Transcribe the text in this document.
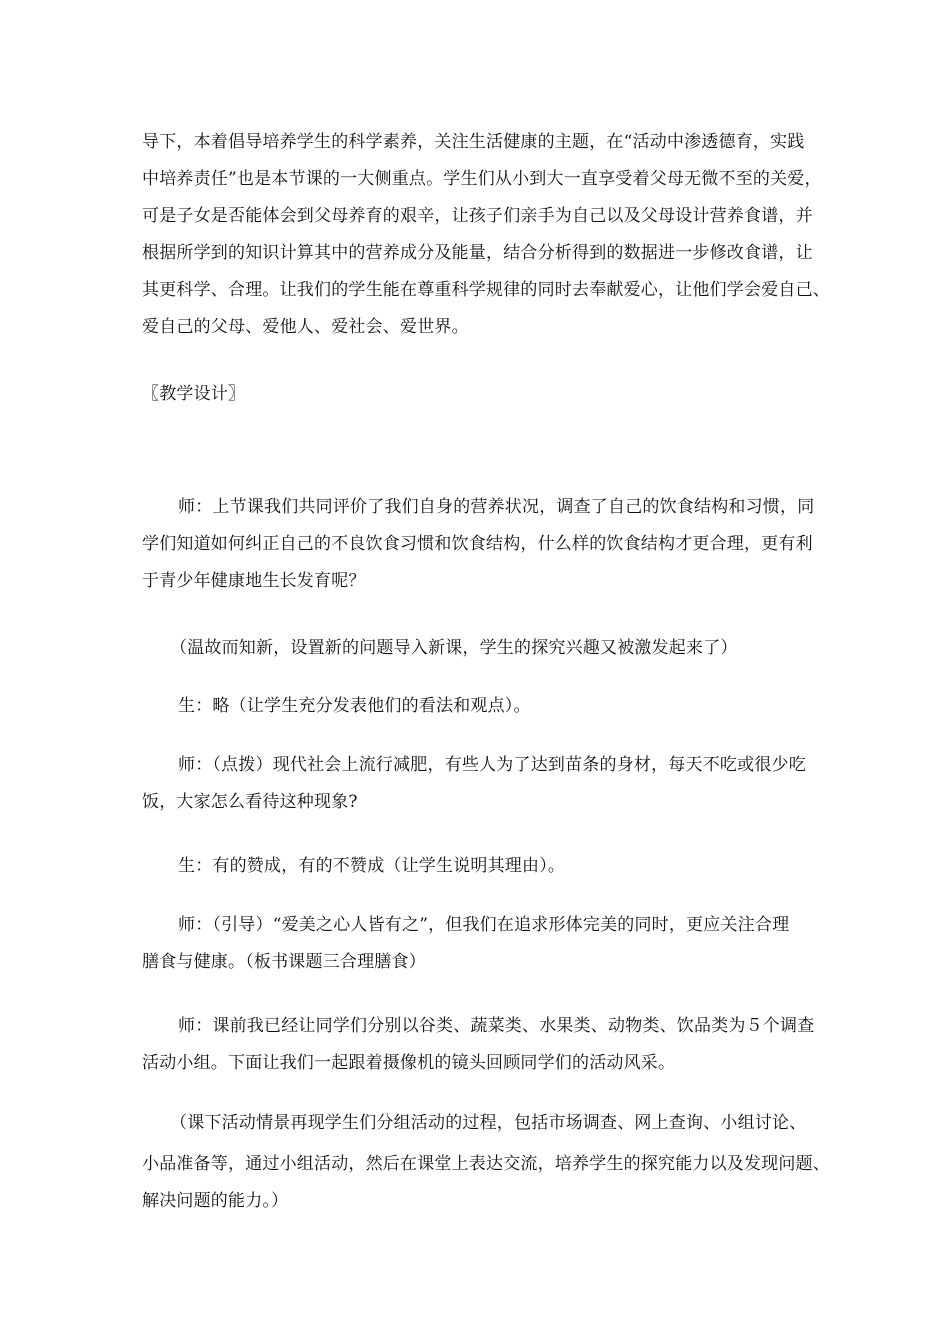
导下，本着倡导培养学生的科学素养，关注生活健康的主题，在“活动中渗透德育，实践
中培养责任”也是本节课的一大侧重点。学生们从小到大一直享受着父母无微不至的关爱，
可是子女是否能体会到父母养育的艰辛，让孩子们亲手为自己以及父母设计营养食谱，并
根据所学到的知识计算其中的营养成分及能量，结合分析得到的数据进一步修改食谱，让
其更科学、合理。让我们的学生能在尊重科学规律的同时去奉献爱心，让他们学会爱自己、
爱自己的父母、爱他人、爱社会、爱世界。
〖教学设计〗
师：上节课我们共同评价了我们自身的营养状况，调查了自己的饮食结构和习惯，同
学们知道如何纠正自己的不良饮食习惯和饮食结构，什么样的饮食结构才更合理，更有利
于青少年健康地生长发育呢？
（温故而知新，设置新的问题导入新课，学生的探究兴趣又被激发起来了）
生：略（让学生充分发表他们的看法和观点）。
师：（点拨）现代社会上流行减肥，有些人为了达到苗条的身材，每天不吃或很少吃
饭，大家怎么看待这种现象?
生：有的赞成，有的不赞成（让学生说明其理由）。
师：（引导）“爱美之心人皆有之”，但我们在追求形体完美的同时，更应关注合理
膳食与健康。（板书课题三合理膳食）
师：课前我已经让同学们分别以谷类、蔬菜类、水果类、动物类、饮品类为５个调查
活动小组。下面让我们一起跟着摄像机的镜头回顾同学们的活动风采。
（课下活动情景再现学生们分组活动的过程，包括市场调查、网上查询、小组讨论、
小品准备等，通过小组活动，然后在课堂上表达交流，培养学生的探究能力以及发现问题、
解决问题的能力。）
